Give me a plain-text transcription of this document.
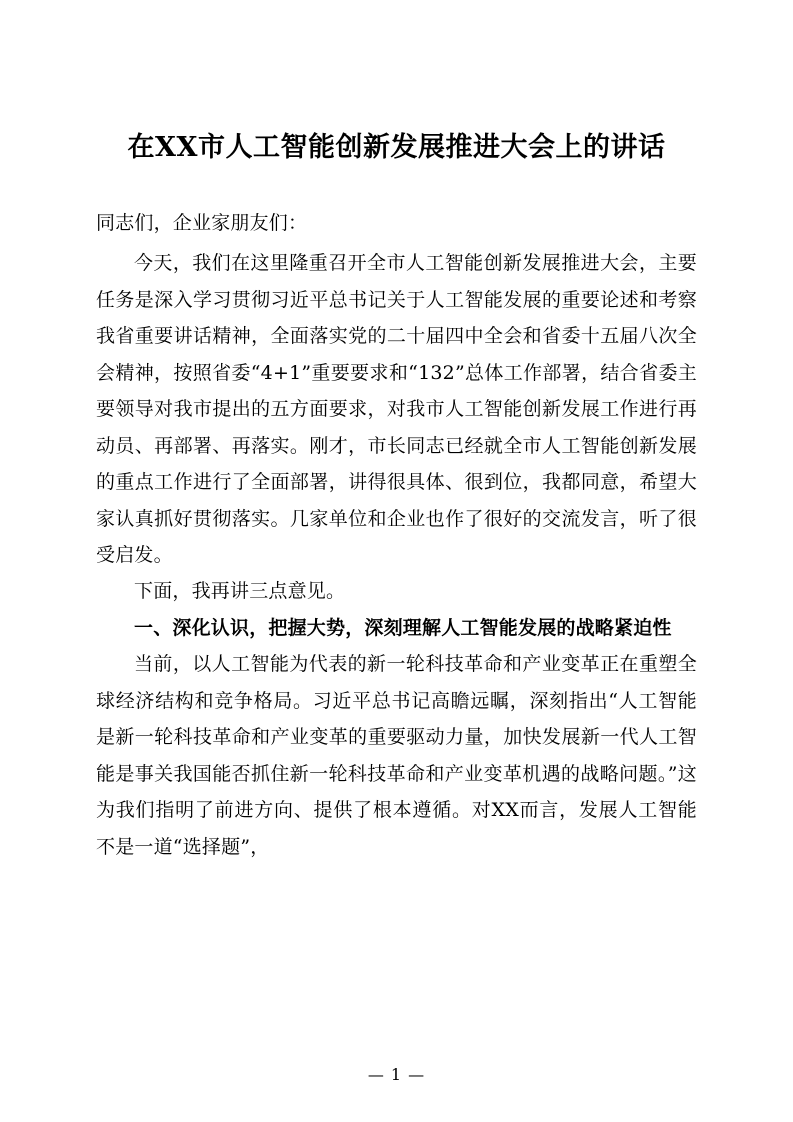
在XX市人工智能创新发展推进大会上的讲话
同志们，企业家朋友们：

今天，我们在这里隆重召开全市人工智能创新发展推进大会，主要任务是深入学习贯彻习近平总书记关于人工智能发展的重要论述和考察我省重要讲话精神，全面落实党的二十届四中全会和省委十五届八次全会精神，按照省委“4+1”重要要求和“132”总体工作部署，结合省委主要领导对我市提出的五方面要求，对我市人工智能创新发展工作进行再动员、再部署、再落实。刚才，市长同志已经就全市人工智能创新发展的重点工作进行了全面部署，讲得很具体、很到位，我都同意，希望大家认真抓好贯彻落实。几家单位和企业也作了很好的交流发言，听了很受启发。

下面，我再讲三点意见。

一、深化认识，把握大势，深刻理解人工智能发展的战略紧迫性

当前，以人工智能为代表的新一轮科技革命和产业变革正在重塑全球经济结构和竞争格局。习近平总书记高瞻远瞩，深刻指出“人工智能是新一轮科技革命和产业变革的重要驱动力量，加快发展新一代人工智能是事关我国能否抓住新一轮科技革命和产业变革机遇的战略问题。”这为我们指明了前进方向、提供了根本遵循。对XX而言，发展人工智能不是一道“选择题”，

— 1 —
